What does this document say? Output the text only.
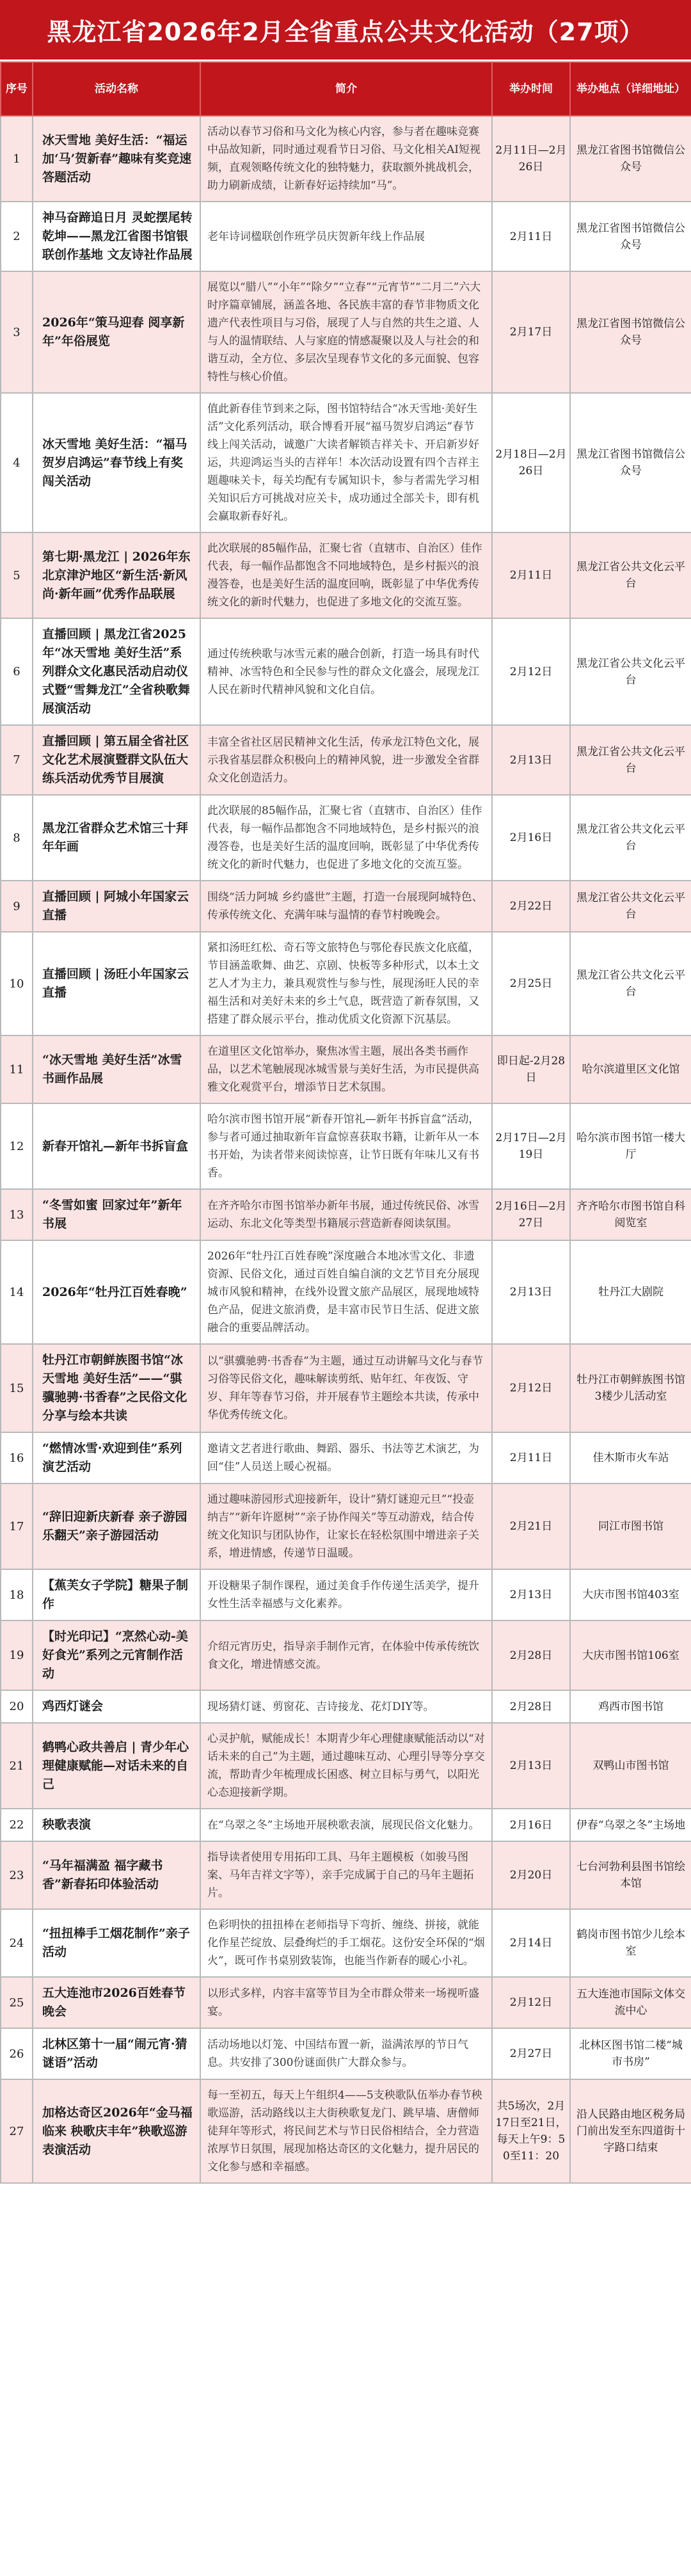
黑龙江省2026年2月全省重点公共文化活动（27项）
序号	活动名称	简介	举办时间	举办地点（详细地址）
1	冰天雪地 美好生活：“福运加‘马’贺新春”趣味有奖竞速答题活动	活动以春节习俗和马文化为核心内容，参与者在趣味竞赛中品故知新，同时通过观看节日习俗、马文化相关AI短视频，直观领略传统文化的独特魅力，获取额外挑战机会，助力刷新成绩，让新春好运持续加“马”。	2月11日—2月26日	黑龙江省图书馆微信公众号
2	神马奋蹄追日月 灵蛇摆尾转乾坤——黑龙江省图书馆银联创作基地 文友诗社作品展	老年诗词楹联创作班学员庆贺新年线上作品展	2月11日	黑龙江省图书馆微信公众号
3	2026年“策马迎春 阅享新年”年俗展览	展览以“腊八”“小年”“除夕”“立春”“元宵节”“二月二”六大时序篇章铺展，涵盖各地、各民族丰富的春节非物质文化遗产代表性项目与习俗，展现了人与自然的共生之道、人与人的温情联结、人与家庭的情感凝聚以及人与社会的和谐互动，全方位、多层次呈现春节文化的多元面貌、包容特性与核心价值。	2月17日	黑龙江省图书馆微信公众号
4	冰天雪地 美好生活：“福马贺岁启鸿运”春节线上有奖闯关活动	值此新春佳节到来之际，图书馆特结合“冰天雪地·美好生活”文化系列活动，联合博看开展“福马贺岁启鸿运”春节线上闯关活动，诚邀广大读者解锁吉祥关卡、开启新岁好运，共迎鸿运当头的吉祥年！本次活动设置有四个吉祥主题趣味关卡，每关均配有专属知识卡，参与者需先学习相关知识后方可挑战对应关卡，成功通过全部关卡，即有机会赢取新春好礼。	2月18日—2月26日	黑龙江省图书馆微信公众号
5	第七期·黑龙江 | 2026年东北京津沪地区“新生活·新风尚·新年画”优秀作品联展	此次联展的85幅作品，汇聚七省（直辖市、自治区）佳作代表，每一幅作品都饱含不同地域特色，是乡村振兴的浪漫答卷，也是美好生活的温度回响，既彰显了中华优秀传统文化的新时代魅力，也促进了多地文化的交流互鉴。	2月11日	黑龙江省公共文化云平台
6	直播回顾 | 黑龙江省2025年“冰天雪地 美好生活”系列群众文化惠民活动启动仪式暨“雪舞龙江”全省秧歌舞展演活动	通过传统秧歌与冰雪元素的融合创新，打造一场具有时代精神、冰雪特色和全民参与性的群众文化盛会，展现龙江人民在新时代精神风貌和文化自信。	2月12日	黑龙江省公共文化云平台
7	直播回顾 | 第五届全省社区文化艺术展演暨群文队伍大练兵活动优秀节目展演	丰富全省社区居民精神文化生活，传承龙江特色文化，展示我省基层群众积极向上的精神风貌，进一步激发全省群众文化创造活力。	2月13日	黑龙江省公共文化云平台
8	黑龙江省群众艺术馆三十拜年年画	此次联展的85幅作品，汇聚七省（直辖市、自治区）佳作代表，每一幅作品都饱含不同地域特色，是乡村振兴的浪漫答卷，也是美好生活的温度回响，既彰显了中华优秀传统文化的新时代魅力，也促进了多地文化的交流互鉴。	2月16日	黑龙江省公共文化云平台
9	直播回顾 | 阿城小年国家云直播	围绕“活力阿城 乡约盛世”主题，打造一台展现阿城特色、传承传统文化、充满年味与温情的春节村晚晚会。	2月22日	黑龙江省公共文化云平台
10	直播回顾 | 汤旺小年国家云直播	紧扣汤旺红松、奇石等文旅特色与鄂伦春民族文化底蕴，节目涵盖歌舞、曲艺、京剧、快板等多种形式，以本土文艺人才为主力，兼具观赏性与参与性，展现汤旺人民的幸福生活和对美好未来的乡土气息，既营造了新春氛围，又搭建了群众展示平台，推动优质文化资源下沉基层。	2月25日	黑龙江省公共文化云平台
11	“冰天雪地 美好生活”冰雪书画作品展	在道里区文化馆举办，聚焦冰雪主题，展出各类书画作品，以艺术笔触展现冰城雪景与美好生活，为市民提供高雅文化观赏平台，增添节日艺术氛围。	即日起-2月28日	哈尔滨道里区文化馆
12	新春开馆礼—新年书拆盲盒	哈尔滨市图书馆开展“新春开馆礼—新年书拆盲盒”活动，参与者可通过抽取新年盲盒惊喜获取书籍，让新年从一本书开始，为读者带来阅读惊喜，让节日既有年味儿又有书香。	2月17日—2月19日	哈尔滨市图书馆一楼大厅
13	“冬雪如蜜 回家过年”新年书展	在齐齐哈尔市图书馆举办新年书展，通过传统民俗、冰雪运动、东北文化等类型书籍展示营造新春阅读氛围。	2月16日—2月27日	齐齐哈尔市图书馆自科阅览室
14	2026年“牡丹江百姓春晚”	2026年“牡丹江百姓春晚”深度融合本地冰雪文化、非遗资源、民俗文化，通过百姓自编自演的文艺节目充分展现城市风貌和精神，在线外设置文旅产品展区，展现地域特色产品，促进文旅消费，是丰富市民节日生活、促进文旅融合的重要品牌活动。	2月13日	牡丹江大剧院
15	牡丹江市朝鲜族图书馆“冰天雪地 美好生活”——“骐骥驰骋·书香春”之民俗文化分享与绘本共读	以“骐骥驰骋·书香春”为主题，通过互动讲解马文化与春节习俗等民俗文化，趣味解读剪纸、贴年红、年夜饭、守岁、拜年等春节习俗，并开展春节主题绘本共读，传承中华优秀传统文化。	2月12日	牡丹江市朝鲜族图书馆3楼少儿活动室
16	“燃情冰雪·欢迎到佳”系列演艺活动	邀请文艺者进行歌曲、舞蹈、器乐、书法等艺术演艺，为回“佳”人员送上暖心祝福。	2月11日	佳木斯市火车站
17	“辞旧迎新庆新春 亲子游园乐翻天”亲子游园活动	通过趣味游园形式迎接新年，设计“猜灯谜迎元旦”“投壶纳吉”“新年许愿树”“亲子协作闯关”等互动游戏，结合传统文化知识与团队协作，让家长在轻松氛围中增进亲子关系，增进情感，传递节日温暖。	2月21日	同江市图书馆
18	【蕉芙女子学院】糖果子制作	开设糖果子制作课程，通过美食手作传递生活美学，提升女性生活幸福感与文化素养。	2月13日	大庆市图书馆403室
19	【时光印记】“烹然心动-美好食光”系列之元宵制作活动	介绍元宵历史，指导亲手制作元宵，在体验中传承传统饮食文化，增进情感交流。	2月28日	大庆市图书馆106室
20	鸡西灯谜会	现场猜灯谜、剪窗花、吉诗接龙、花灯DIY等。	2月28日	鸡西市图书馆
21	鹤鸭心政共善启 | 青少年心理健康赋能—对话未来的自己	心灵护航，赋能成长！本期青少年心理健康赋能活动以“对话未来的自己”为主题，通过趣味互动、心理引导等分享交流，帮助青少年梳理成长困惑、树立目标与勇气，以阳光心态迎接新学期。	2月13日	双鸭山市图书馆
22	秧歌表演	在“乌翠之冬”主场地开展秧歌表演，展现民俗文化魅力。	2月16日	伊春“乌翠之冬”主场地
23	“马年福满盈 福字藏书香”新春拓印体验活动	指导读者使用专用拓印工具、马年主题模板（如骏马图案、马年吉祥文字等），亲手完成属于自己的马年主题拓片。	2月20日	七台河勃利县图书馆绘本馆
24	“扭扭棒手工烟花制作”亲子活动	色彩明快的扭扭棒在老师指导下弯折、缠绕、拼接，就能化作星芒绽放、层叠绚烂的手工烟花。这份安全环保的“烟火”，既可作书桌别致装饰，也能当作新春的暖心小礼。	2月14日	鹤岗市图书馆少儿绘本室
25	五大连池市2026百姓春节晚会	以形式多样，内容丰富等节目为全市群众带来一场视听盛宴。	2月12日	五大连池市国际文体交流中心
26	北林区第十一届“闹元宵·猜谜语”活动	活动场地以灯笼、中国结布置一新，溢满浓厚的节日气息。共安排了300份谜面供广大群众参与。	2月27日	北林区图书馆二楼“城市书房”
27	加格达奇区2026年“金马福临来 秧歌庆丰年”秧歌巡游表演活动	每一至初五，每天上午组织4——5支秧歌队伍举办春节秧歌巡游，活动路线以主大街秧歌复龙门、跳早墙、唐僧师徒拜年等形式，将民间艺术与节日民俗相结合，全力营造浓厚节日氛围，展现加格达奇区的文化魅力，提升居民的文化参与感和幸福感。	共5场次，2月17日至21日，每天上午9：50至11：20	沿人民路由地区税务局门前出发至东四道街十字路口结束
